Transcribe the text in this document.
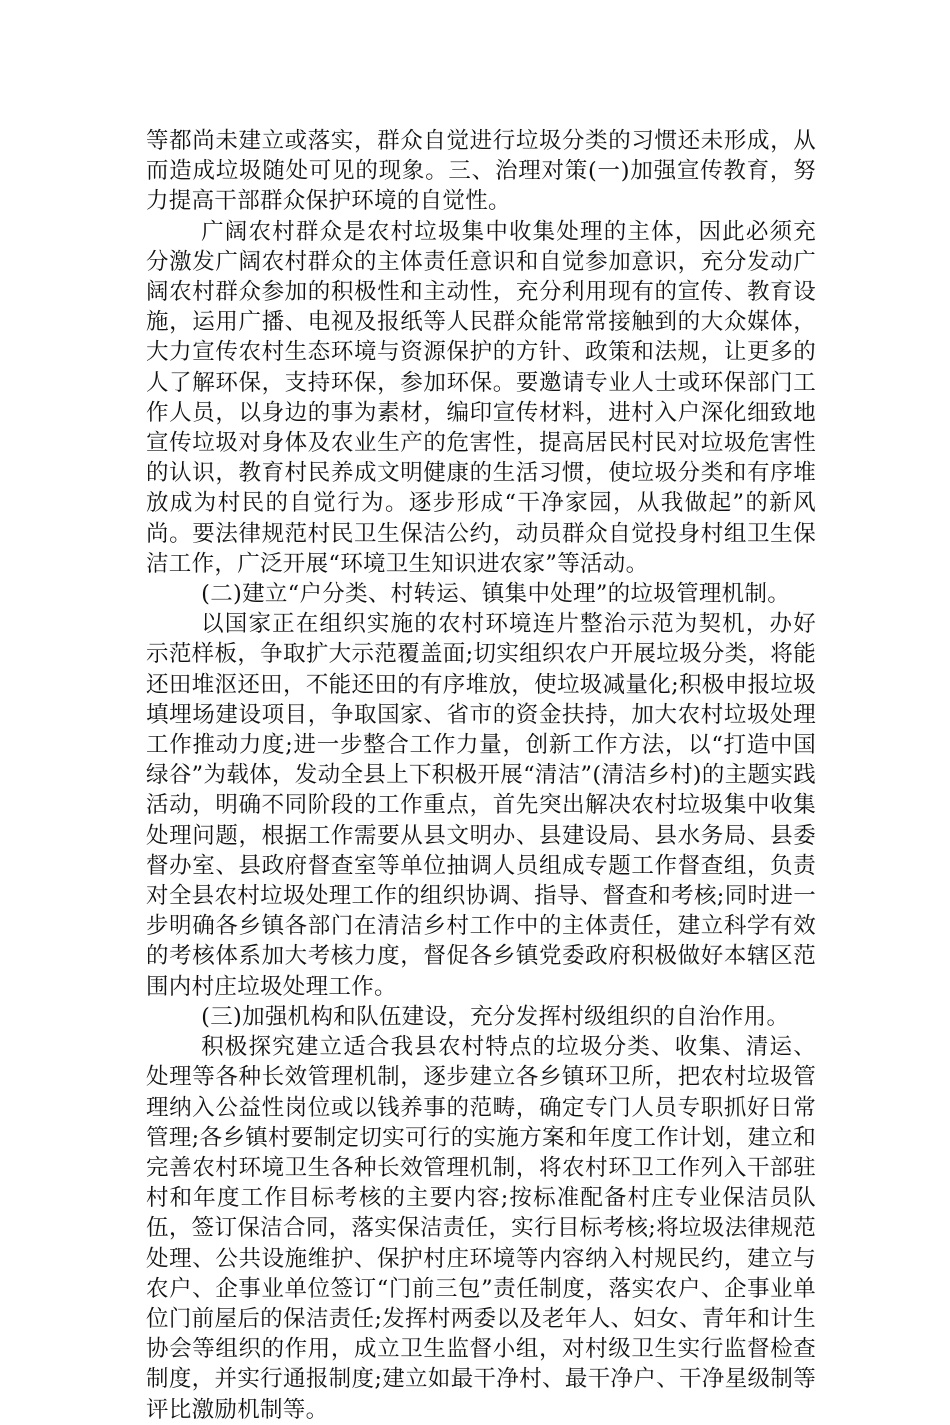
等都尚未建立或落实，群众自觉进行垃圾分类的习惯还未形成，从而造成垃圾随处可见的现象。三、治理对策(一)加强宣传教育，努力提高干部群众保护环境的自觉性。

广阔农村群众是农村垃圾集中收集处理的主体，因此必须充分激发广阔农村群众的主体责任意识和自觉参加意识，充分发动广阔农村群众参加的积极性和主动性，充分利用现有的宣传、教育设施，运用广播、电视及报纸等人民群众能常常接触到的大众媒体，大力宣传农村生态环境与资源保护的方针、政策和法规，让更多的人了解环保，支持环保，参加环保。要邀请专业人士或环保部门工作人员，以身边的事为素材，编印宣传材料，进村入户深化细致地宣传垃圾对身体及农业生产的危害性，提高居民村民对垃圾危害性的认识，教育村民养成文明健康的生活习惯，使垃圾分类和有序堆放成为村民的自觉行为。逐步形成“干净家园，从我做起”的新风尚。要法律规范村民卫生保洁公约，动员群众自觉投身村组卫生保洁工作，广泛开展“环境卫生知识进农家”等活动。

(二)建立“户分类、村转运、镇集中处理”的垃圾管理机制。

以国家正在组织实施的农村环境连片整治示范为契机，办好示范样板，争取扩大示范覆盖面;切实组织农户开展垃圾分类，将能还田堆沤还田，不能还田的有序堆放，使垃圾减量化;积极申报垃圾填埋场建设项目，争取国家、省市的资金扶持，加大农村垃圾处理工作推动力度;进一步整合工作力量，创新工作方法，以“打造中国绿谷”为载体，发动全县上下积极开展“清洁”(清洁乡村)的主题实践活动，明确不同阶段的工作重点，首先突出解决农村垃圾集中收集处理问题，根据工作需要从县文明办、县建设局、县水务局、县委督办室、县政府督查室等单位抽调人员组成专题工作督查组，负责对全县农村垃圾处理工作的组织协调、指导、督查和考核;同时进一步明确各乡镇各部门在清洁乡村工作中的主体责任，建立科学有效的考核体系加大考核力度，督促各乡镇党委政府积极做好本辖区范围内村庄垃圾处理工作。

(三)加强机构和队伍建设，充分发挥村级组织的自治作用。

积极探究建立适合我县农村特点的垃圾分类、收集、清运、处理等各种长效管理机制，逐步建立各乡镇环卫所，把农村垃圾管理纳入公益性岗位或以钱养事的范畴，确定专门人员专职抓好日常管理;各乡镇村要制定切实可行的实施方案和年度工作计划，建立和完善农村环境卫生各种长效管理机制，将农村环卫工作列入干部驻村和年度工作目标考核的主要内容;按标准配备村庄专业保洁员队伍，签订保洁合同，落实保洁责任，实行目标考核;将垃圾法律规范处理、公共设施维护、保护村庄环境等内容纳入村规民约，建立与农户、企事业单位签订“门前三包”责任制度，落实农户、企事业单位门前屋后的保洁责任;发挥村两委以及老年人、妇女、青年和计生协会等组织的作用，成立卫生监督小组，对村级卫生实行监督检查制度，并实行通报制度;建立如最干净村、最干净户、干净星级制等评比激励机制等。
